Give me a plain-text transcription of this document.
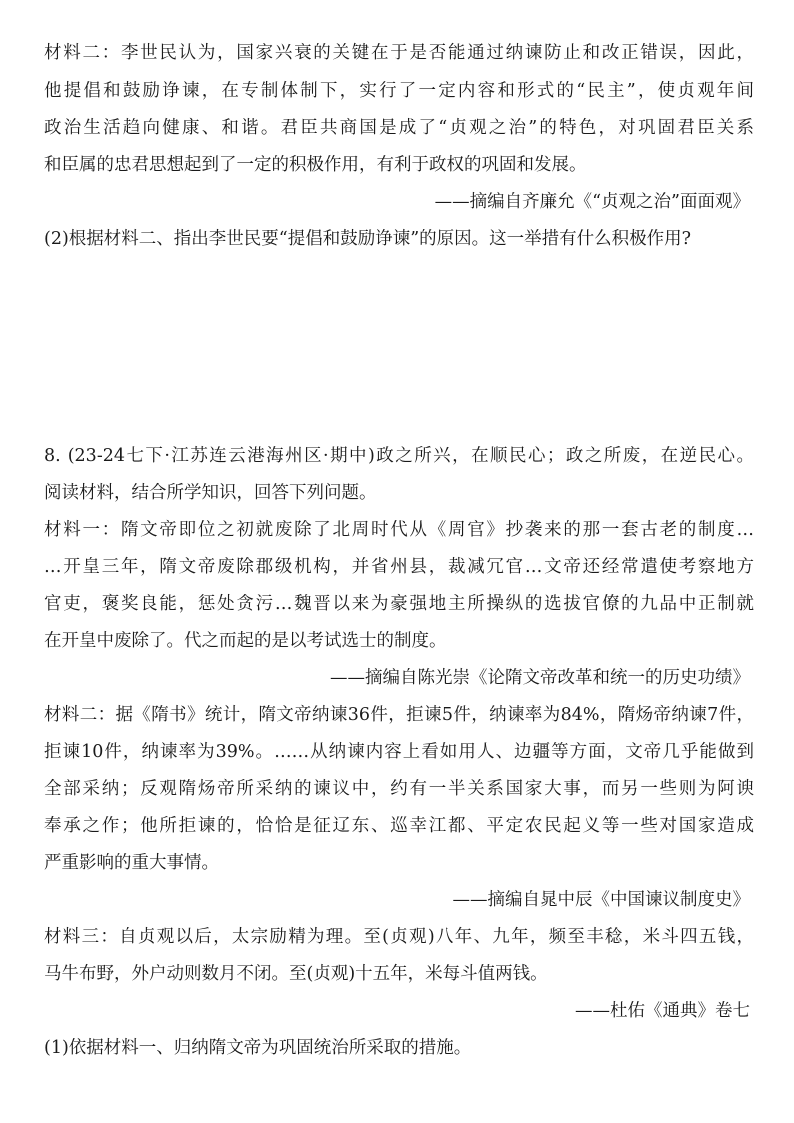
材料二：李世民认为，国家兴衰的关键在于是否能通过纳谏防止和改正错误，因此，
他提倡和鼓励诤谏，在专制体制下，实行了一定内容和形式的“民主”，使贞观年间
政治生活趋向健康、和谐。君臣共商国是成了“贞观之治”的特色，对巩固君臣关系
和臣属的忠君思想起到了一定的积极作用，有利于政权的巩固和发展。
——摘编自齐廉允《“贞观之治”面面观》
(2)根据材料二、指出李世民要“提倡和鼓励诤谏”的原因。这一举措有什么积极作用?
8. (23-24七下·江苏连云港海州区·期中)政之所兴，在顺民心；政之所废，在逆民心。
阅读材料，结合所学知识，回答下列问题。
材料一：隋文帝即位之初就废除了北周时代从《周官》抄袭来的那一套古老的制度…
…开皇三年，隋文帝废除郡级机构，并省州县，裁减冗官…文帝还经常遣使考察地方
官吏，褒奖良能，惩处贪污…魏晋以来为豪强地主所操纵的选拔官僚的九品中正制就
在开皇中废除了。代之而起的是以考试选士的制度。
——摘编自陈光崇《论隋文帝改革和统一的历史功绩》
材料二：据《隋书》统计，隋文帝纳谏36件，拒谏5件，纳谏率为84%，隋炀帝纳谏7件，
拒谏10件，纳谏率为39%。……从纳谏内容上看如用人、边疆等方面，文帝几乎能做到
全部采纳；反观隋炀帝所采纳的谏议中，约有一半关系国家大事，而另一些则为阿谀
奉承之作；他所拒谏的，恰恰是征辽东、巡幸江都、平定农民起义等一些对国家造成
严重影响的重大事情。
——摘编自晁中辰《中国谏议制度史》
材料三：自贞观以后，太宗励精为理。至(贞观)八年、九年，频至丰稔，米斗四五钱，
马牛布野，外户动则数月不闭。至(贞观)十五年，米每斗值两钱。
——杜佑《通典》卷七
(1)依据材料一、归纳隋文帝为巩固统治所采取的措施。
